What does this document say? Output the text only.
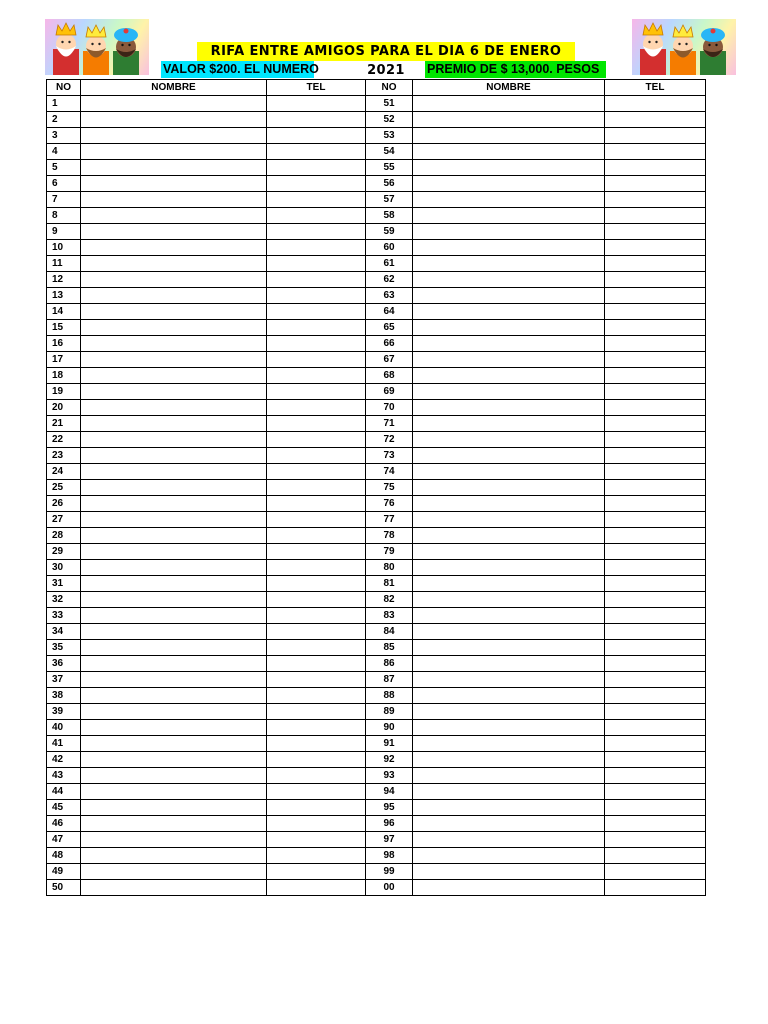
RIFA ENTRE AMIGOS PARA EL DIA 6 DE ENERO 2021
VALOR $200. EL NUMERO	PREMIO DE $ 13,000. PESOS
NO	NOMBRE	TEL	NO	NOMBRE	TEL
1			51		
2			52		
3			53		
4			54		
5			55		
6			56		
7			57		
8			58		
9			59		
10			60		
11			61		
12			62		
13			63		
14			64		
15			65		
16			66		
17			67		
18			68		
19			69		
20			70		
21			71		
22			72		
23			73		
24			74		
25			75		
26			76		
27			77		
28			78		
29			79		
30			80		
31			81		
32			82		
33			83		
34			84		
35			85		
36			86		
37			87		
38			88		
39			89		
40			90		
41			91		
42			92		
43			93		
44			94		
45			95		
46			96		
47			97		
48			98		
49			99		
50			00		
